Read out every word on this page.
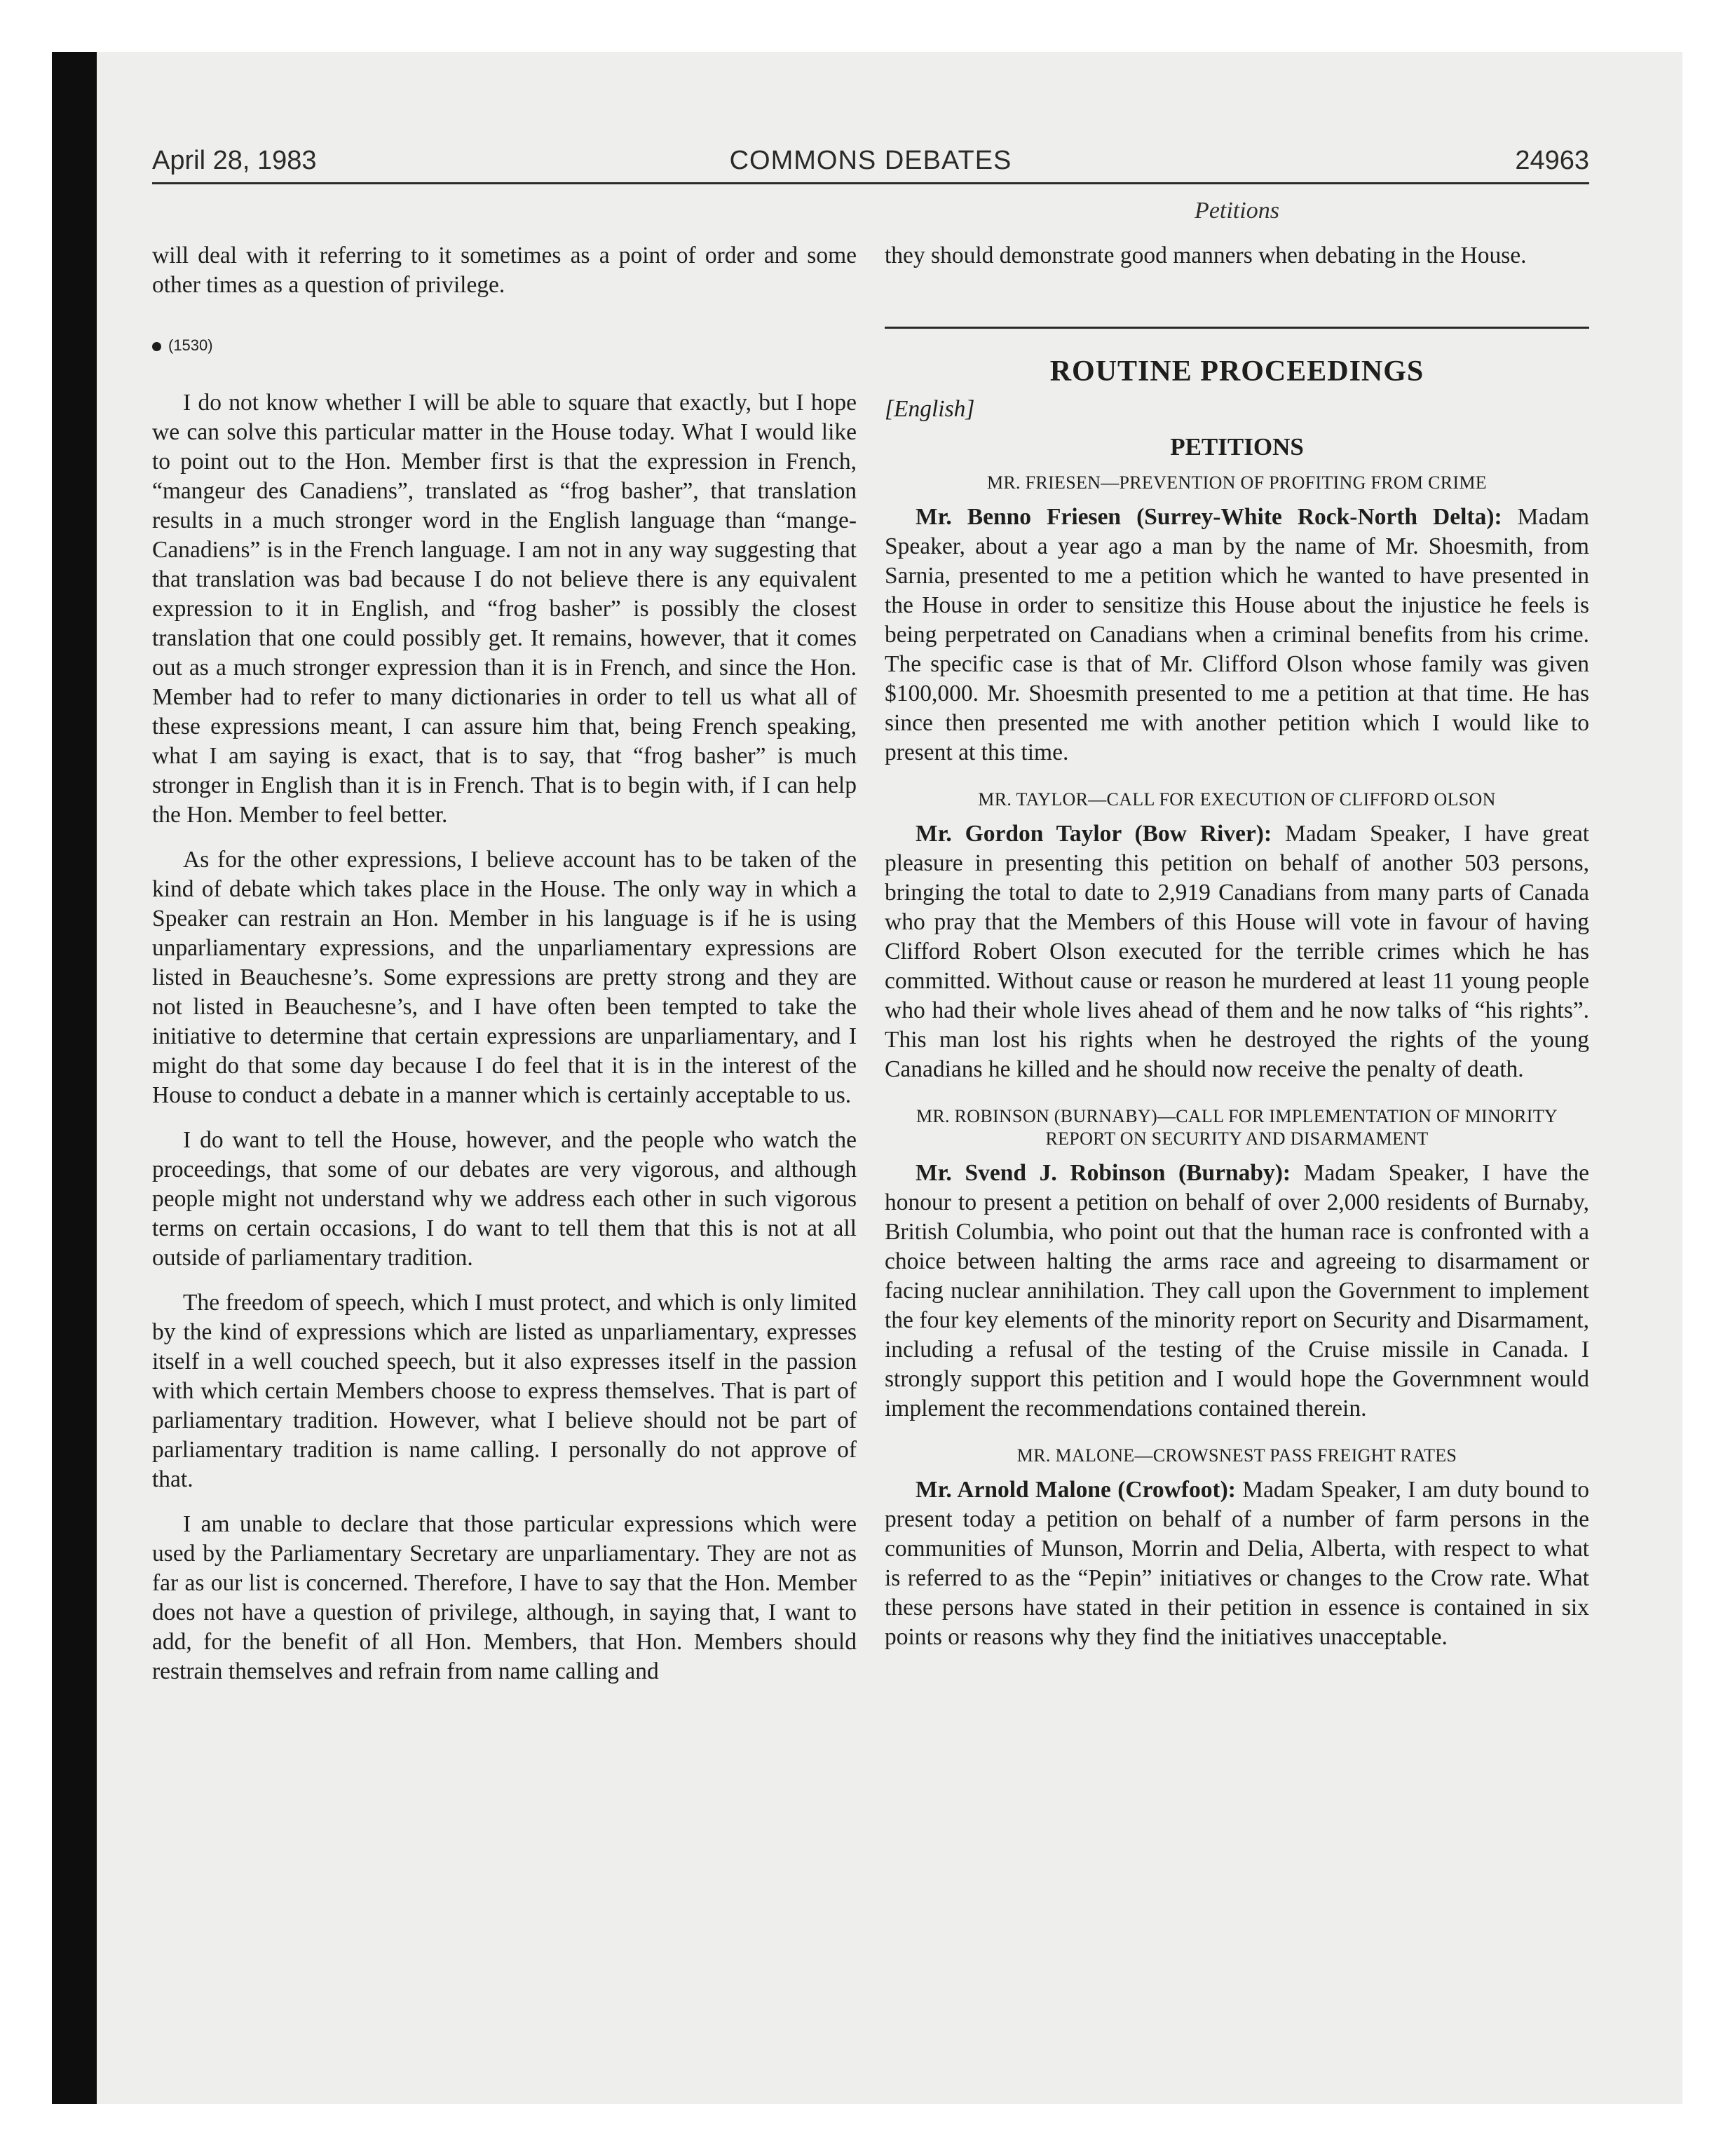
April 28, 1983	COMMONS DEBATES	24963
Petitions

will deal with it referring to it sometimes as a point of order and some other times as a question of privilege.

(1530)

I do not know whether I will be able to square that exactly, but I hope we can solve this particular matter in the House today. What I would like to point out to the Hon. Member first is that the expression in French, “mangeur des Canadiens”, translated as “frog basher”, that translation results in a much stronger word in the English language than “mange-Canadiens” is in the French language. I am not in any way suggesting that that translation was bad because I do not believe there is any equivalent expression to it in English, and “frog basher” is possibly the closest translation that one could possibly get. It remains, however, that it comes out as a much stronger expression than it is in French, and since the Hon. Member had to refer to many dictionaries in order to tell us what all of these expressions meant, I can assure him that, being French speaking, what I am saying is exact, that is to say, that “frog basher” is much stronger in English than it is in French. That is to begin with, if I can help the Hon. Member to feel better.

As for the other expressions, I believe account has to be taken of the kind of debate which takes place in the House. The only way in which a Speaker can restrain an Hon. Member in his language is if he is using unparliamentary expressions, and the unparliamentary expressions are listed in Beauchesne’s. Some expressions are pretty strong and they are not listed in Beauchesne’s, and I have often been tempted to take the initiative to determine that certain expressions are unparliamentary, and I might do that some day because I do feel that it is in the interest of the House to conduct a debate in a manner which is certainly acceptable to us.

I do want to tell the House, however, and the people who watch the proceedings, that some of our debates are very vigorous, and although people might not understand why we address each other in such vigorous terms on certain occasions, I do want to tell them that this is not at all outside of parliamentary tradition.

The freedom of speech, which I must protect, and which is only limited by the kind of expressions which are listed as unparliamentary, expresses itself in a well couched speech, but it also expresses itself in the passion with which certain Members choose to express themselves. That is part of parliamentary tradition. However, what I believe should not be part of parliamentary tradition is name calling. I personally do not approve of that.

I am unable to declare that those particular expressions which were used by the Parliamentary Secretary are unparliamentary. They are not as far as our list is concerned. Therefore, I have to say that the Hon. Member does not have a question of privilege, although, in saying that, I want to add, for the benefit of all Hon. Members, that Hon. Members should restrain themselves and refrain from name calling and

they should demonstrate good manners when debating in the House.

ROUTINE PROCEEDINGS
[English]
PETITIONS
MR. FRIESEN—PREVENTION OF PROFITING FROM CRIME

Mr. Benno Friesen (Surrey-White Rock-North Delta): Madam Speaker, about a year ago a man by the name of Mr. Shoesmith, from Sarnia, presented to me a petition which he wanted to have presented in the House in order to sensitize this House about the injustice he feels is being perpetrated on Canadians when a criminal benefits from his crime. The specific case is that of Mr. Clifford Olson whose family was given $100,000. Mr. Shoesmith presented to me a petition at that time. He has since then presented me with another petition which I would like to present at this time.

MR. TAYLOR—CALL FOR EXECUTION OF CLIFFORD OLSON

Mr. Gordon Taylor (Bow River): Madam Speaker, I have great pleasure in presenting this petition on behalf of another 503 persons, bringing the total to date to 2,919 Canadians from many parts of Canada who pray that the Members of this House will vote in favour of having Clifford Robert Olson executed for the terrible crimes which he has committed. Without cause or reason he murdered at least 11 young people who had their whole lives ahead of them and he now talks of “his rights”. This man lost his rights when he destroyed the rights of the young Canadians he killed and he should now receive the penalty of death.

MR. ROBINSON (BURNABY)—CALL FOR IMPLEMENTATION OF MINORITY REPORT ON SECURITY AND DISARMAMENT

Mr. Svend J. Robinson (Burnaby): Madam Speaker, I have the honour to present a petition on behalf of over 2,000 residents of Burnaby, British Columbia, who point out that the human race is confronted with a choice between halting the arms race and agreeing to disarmament or facing nuclear annihilation. They call upon the Government to implement the four key elements of the minority report on Security and Disarmament, including a refusal of the testing of the Cruise missile in Canada. I strongly support this petition and I would hope the Governmnent would implement the recommendations contained therein.

MR. MALONE—CROWSNEST PASS FREIGHT RATES

Mr. Arnold Malone (Crowfoot): Madam Speaker, I am duty bound to present today a petition on behalf of a number of farm persons in the communities of Munson, Morrin and Delia, Alberta, with respect to what is referred to as the “Pepin” initiatives or changes to the Crow rate. What these persons have stated in their petition in essence is contained in six points or reasons why they find the initiatives unacceptable.
